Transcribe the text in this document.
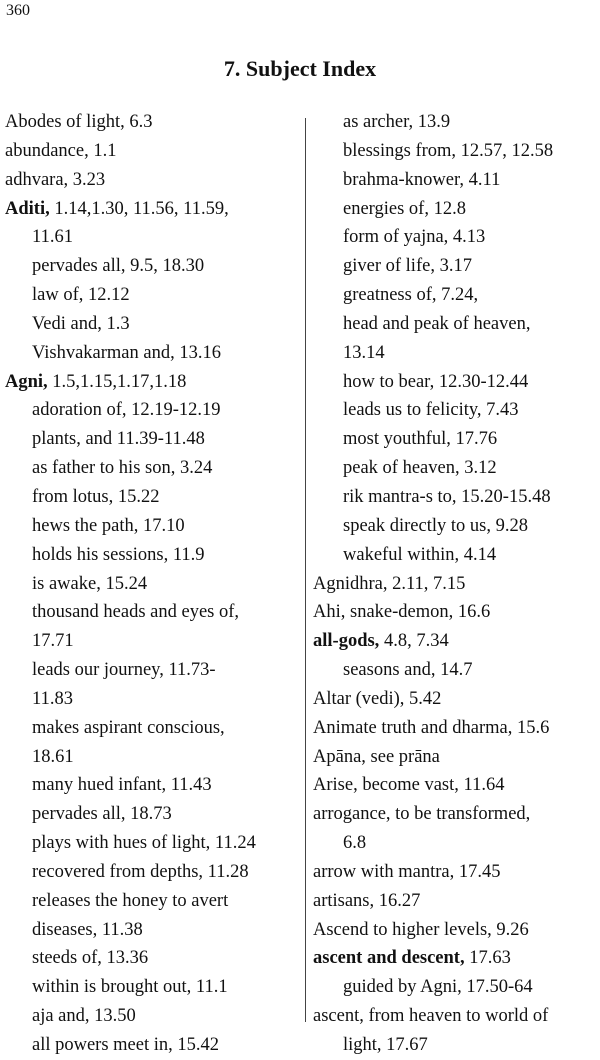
360
7. Subject Index
Abodes of light, 6.3
abundance, 1.1
adhvara, 3.23
Aditi, 1.14,1.30, 11.56, 11.59,
11.61
pervades all, 9.5, 18.30
law of, 12.12
Vedi and, 1.3
Vishvakarman and, 13.16
Agni, 1.5,1.15,1.17,1.18
adoration of, 12.19-12.19
plants, and 11.39-11.48
as father to his son, 3.24
from lotus, 15.22
hews the path, 17.10
holds his sessions, 11.9
is awake, 15.24
thousand heads and eyes of,
17.71
leads our journey, 11.73-
11.83
makes aspirant conscious,
18.61
many hued infant, 11.43
pervades all, 18.73
plays with hues of light, 11.24
recovered from depths, 11.28
releases the honey to avert
diseases, 11.38
steeds of, 13.36
within is brought out, 11.1
aja and, 13.50
all powers meet in, 15.42
as archer, 13.9
blessings from, 12.57, 12.58
brahma-knower, 4.11
energies of, 12.8
form of yajna, 4.13
giver of life, 3.17
greatness of, 7.24,
head and peak of heaven,
13.14
how to bear, 12.30-12.44
leads us to felicity, 7.43
most youthful, 17.76
peak of heaven, 3.12
rik mantra-s to, 15.20-15.48
speak directly to us, 9.28
wakeful within, 4.14
Agnidhra, 2.11, 7.15
Ahi, snake-demon, 16.6
all-gods, 4.8, 7.34
seasons and, 14.7
Altar (vedi), 5.42
Animate truth and dharma, 15.6
Apāna, see prāna
Arise, become vast, 11.64
arrogance, to be transformed,
6.8
arrow with mantra, 17.45
artisans, 16.27
Ascend to higher levels, 9.26
ascent and descent, 17.63
guided by Agni, 17.50-64
ascent, from heaven to world of
light, 17.67
